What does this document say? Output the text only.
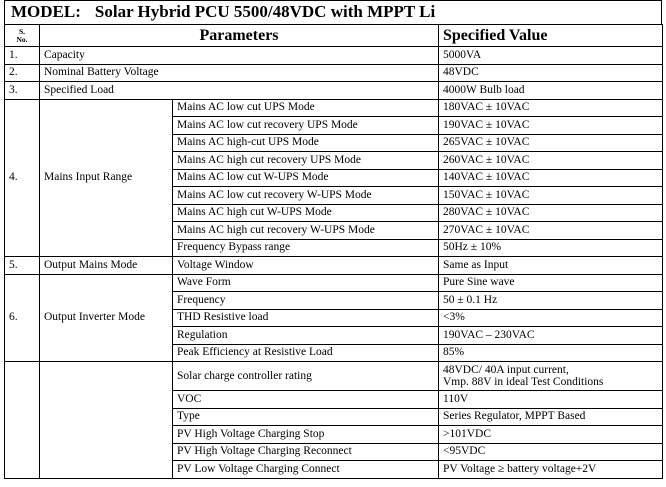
MODEL: Solar Hybrid PCU 5500/48VDC with MPPT Li
S.
No.	Parameters		Specified Value
1.	Capacity		5000VA
2.	Nominal Battery Voltage		48VDC
3.	Specified Load		4000W Bulb load
4.	Mains Input Range	Mains AC low cut UPS Mode	180VAC ± 10VAC
		Mains AC low cut recovery UPS Mode	190VAC ± 10VAC
		Mains AC high-cut UPS Mode	265VAC ± 10VAC
		Mains AC high cut recovery UPS Mode	260VAC ± 10VAC
		Mains AC low cut W-UPS Mode	140VAC ± 10VAC
		Mains AC low cut recovery W-UPS Mode	150VAC ± 10VAC
		Mains AC high cut W-UPS Mode	280VAC ± 10VAC
		Mains AC high cut recovery W-UPS Mode	270VAC ± 10VAC
		Frequency Bypass range	50Hz ± 10%
5.	Output Mains Mode	Voltage Window	Same as Input
6.	Output Inverter Mode	Wave Form	Pure Sine wave
		Frequency	50 ± 0.1 Hz
		THD Resistive load	<3%
		Regulation	190VAC – 230VAC
		Peak Efficiency at Resistive Load	85%
		Solar charge controller rating	48VDC/ 40A input current,
Vmp. 88V in ideal Test Conditions
		VOC	110V
		Type	Series Regulator, MPPT Based
		PV High Voltage Charging Stop	>101VDC
		PV High Voltage Charging Reconnect	<95VDC
		PV Low Voltage Charging Connect	PV Voltage ≥ battery voltage+2V
